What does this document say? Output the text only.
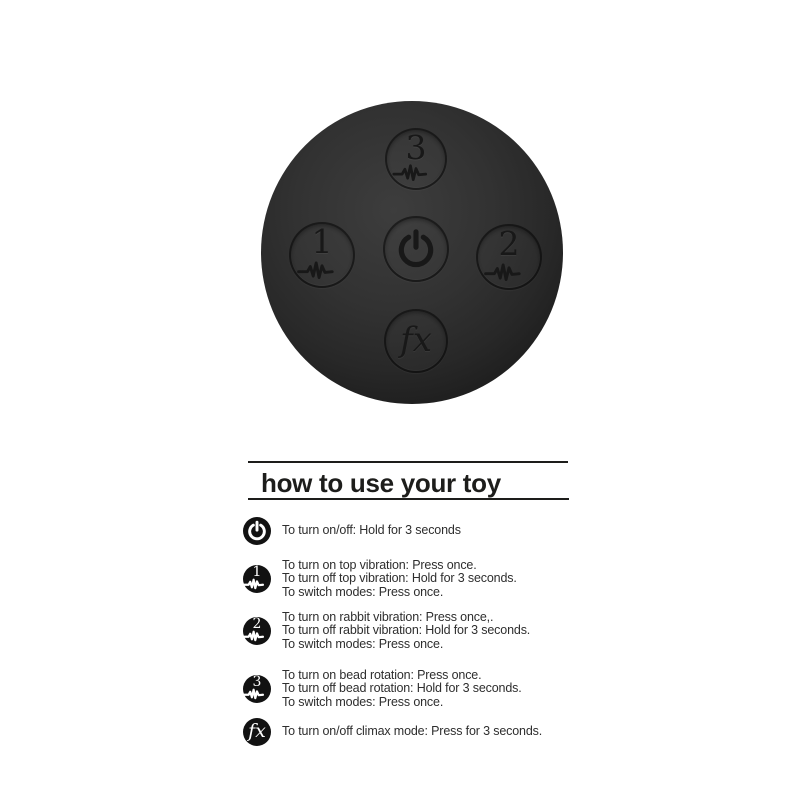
3
1	2
fx
how to use your toy
To turn on/off: Hold for 3 seconds
1	To turn on top vibration: Press once.
To turn off top vibration: Hold for 3 seconds.
To switch modes: Press once.
2	To turn on rabbit vibration: Press once,.
To turn off rabbit vibration: Hold for 3 seconds.
To switch modes: Press once.
3	To turn on bead rotation: Press once.
To turn off bead rotation: Hold for 3 seconds.
To switch modes: Press once.
fx	To turn on/off climax mode: Press for 3 seconds.
